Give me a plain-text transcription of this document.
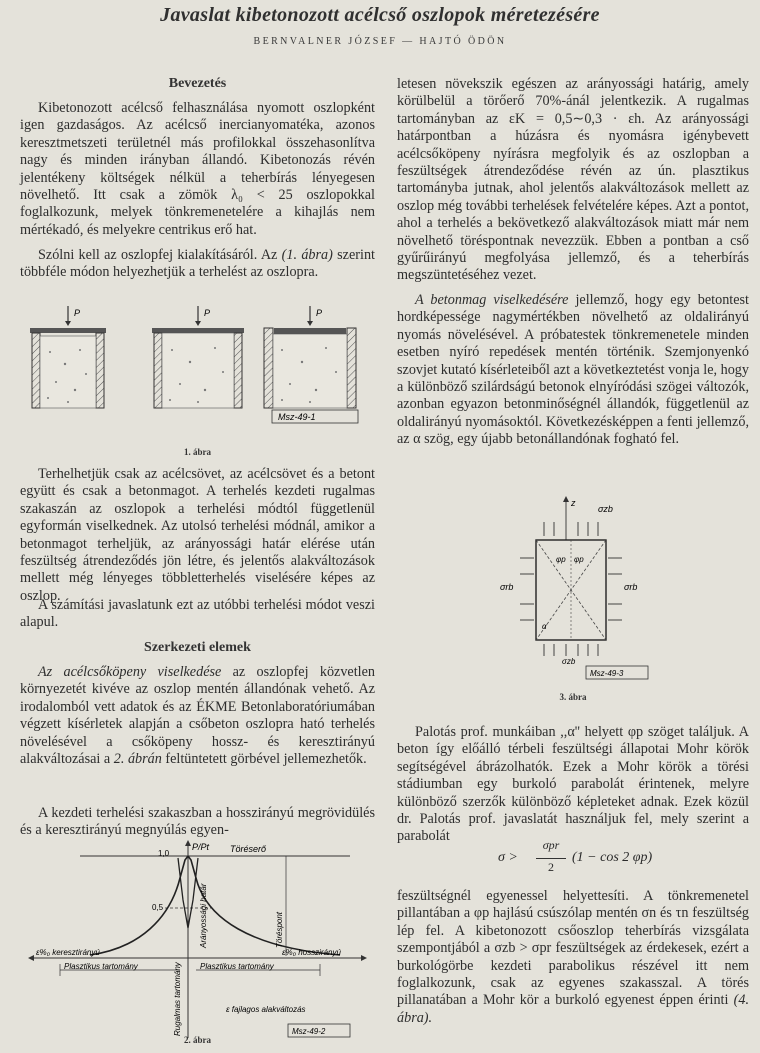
Javaslat kibetonozott acélcső oszlopok méretezésére
BERNVALNER JÓZSEF — HAJTÓ ÖDÖN
Bevezetés

Kibetonozott acélcső felhasználása nyomott oszlopként igen gazdaságos. Az acélcső inercianyomatéka, azonos keresztmetszeti területnél más profilokkal összehasonlítva nagy és minden irányban állandó. Kibetonozás révén jelentékeny költségek nélkül a teherbírás lényegesen növelhető. Itt csak a zömök λ₀ < 25 oszlopokkal foglalkozunk, melyek tönkremenetelére a kihajlás nem mértékadó, és melyekre centrikus erő hat.

Szólni kell az oszlopfej kialakításáról. Az (1. ábra) szerint többféle módon helyezhetjük a terhelést az oszlopra.

P	P	P
Msz-49-1
1. ábra

Terhelhetjük csak az acélcsövet, az acélcsövet és a betont együtt és csak a betonmagot. A terhelés kezdeti rugalmas szakaszán az oszlopok a terhelési módtól függetlenül egyformán viselkednek. Az utolsó terhelési módnál, amikor a betonmagot terheljük, az arányossági határ elérése után feszültség átrendeződés jön létre, és jelentős alakváltozások mellett még lényeges többletterhelés viselésére képes az oszlop.

A számítási javaslatunk ezt az utóbbi terhelési módot veszi alapul.

Szerkezeti elemek

Az acélcsőköpeny viselkedése az oszlopfej közvetlen környezetét kivéve az oszlop mentén állandónak vehető. Az irodalomból vett adatok és az ÉKME Betonlaboratóriumában végzett kísérletek alapján a csőbeton oszlopra ható terhelés növelésével a csőköpeny hossz- és keresztirányú alakváltozásai a 2. ábrán feltüntetett görbével jellemezhetők.

A kezdeti terhelési szakaszban a hosszirányú megrövidülés és a keresztirányú megnyúlás egyen-

P/Pt
1,0	Töréserő
0,5	Arányossági határ	Töréspont
ε%₀ keresztirányú	ε%₀ hosszirányú
Plasztikus tartomány	Plasztikus tartomány
Rugalmas tartomány	ε fajlagos alakváltozás
Msz-49-2
2. ábra

letesen növekszik egészen az arányossági határig, amely körülbelül a törőerő 70%-ánál jelentkezik. A rugalmas tartományban az εK = 0,5∼0,3 · εh. Az arányossági határpontban a húzásra és nyomásra igénybevett acélcsőköpeny nyírásra megfolyik és az oszlopban a feszültségek átrendeződése révén az ún. plasztikus tartományba jutnak, ahol jelentős alakváltozások mellett az oszlop még további terhelések felvételére képes. Azt a pontot, ahol a terhelés a bekövetkező alakváltozások miatt már nem növelhető töréspontnak nevezzük. Ebben a pontban a cső gyűrűirányú megfolyása jellemző, és a teherbírás megszüntetéséhez vezet.

A betonmag viselkedésére jellemző, hogy egy betontest hordképessége nagymértékben növelhető az oldalirányú nyomás növelésével. A próbatestek tönkremenetele minden esetben nyíró repedések mentén történik. Szemjonyenkó szovjet kutató kísérleteiből azt a következtetést vonja le, hogy a különböző szilárdságú betonok elnyíródási szögei változók, azonban egyazon betonminőségnél állandók, függetlenül az oldalirányú nyomásoktól. Következésképpen a fenti jellemző, az α szög, egy újabb betonállandónak fogható fel.

z
σzb
φp φp
α
σrb	σrb
σzb
Msz-49-3
3. ábra

Palotás prof. munkáiban ,,α'' helyett φp szöget találjuk. A beton így előálló térbeli feszültségi állapotai Mohr körök segítségével ábrázolhatók. Ezek a Mohr körök a törési stádiumban egy burkoló parabolát érintenek, melyre különböző szerzők különböző képleteket adnak. Ezek közül dr. Palotás prof. javaslatát használjuk fel, mely szerint a parabolát

σ >
σpr
2
(1 − cos 2 φp)

feszültségnél egyenessel helyettesíti. A tönkremenetel pillantában a φp hajlású csúszólap mentén σn és τn feszültség lép fel. A kibetonozott csőoszlop teherbírás vizsgálata szempontjából a σzb > σpr feszültségek az érdekesek, ezért a burkológörbe kezdeti parabolikus részével itt nem foglalkozunk, csak az egyenes szakasszal. A törés pillanatában a Mohr kör a burkoló egyenest éppen érinti (4. ábra).
